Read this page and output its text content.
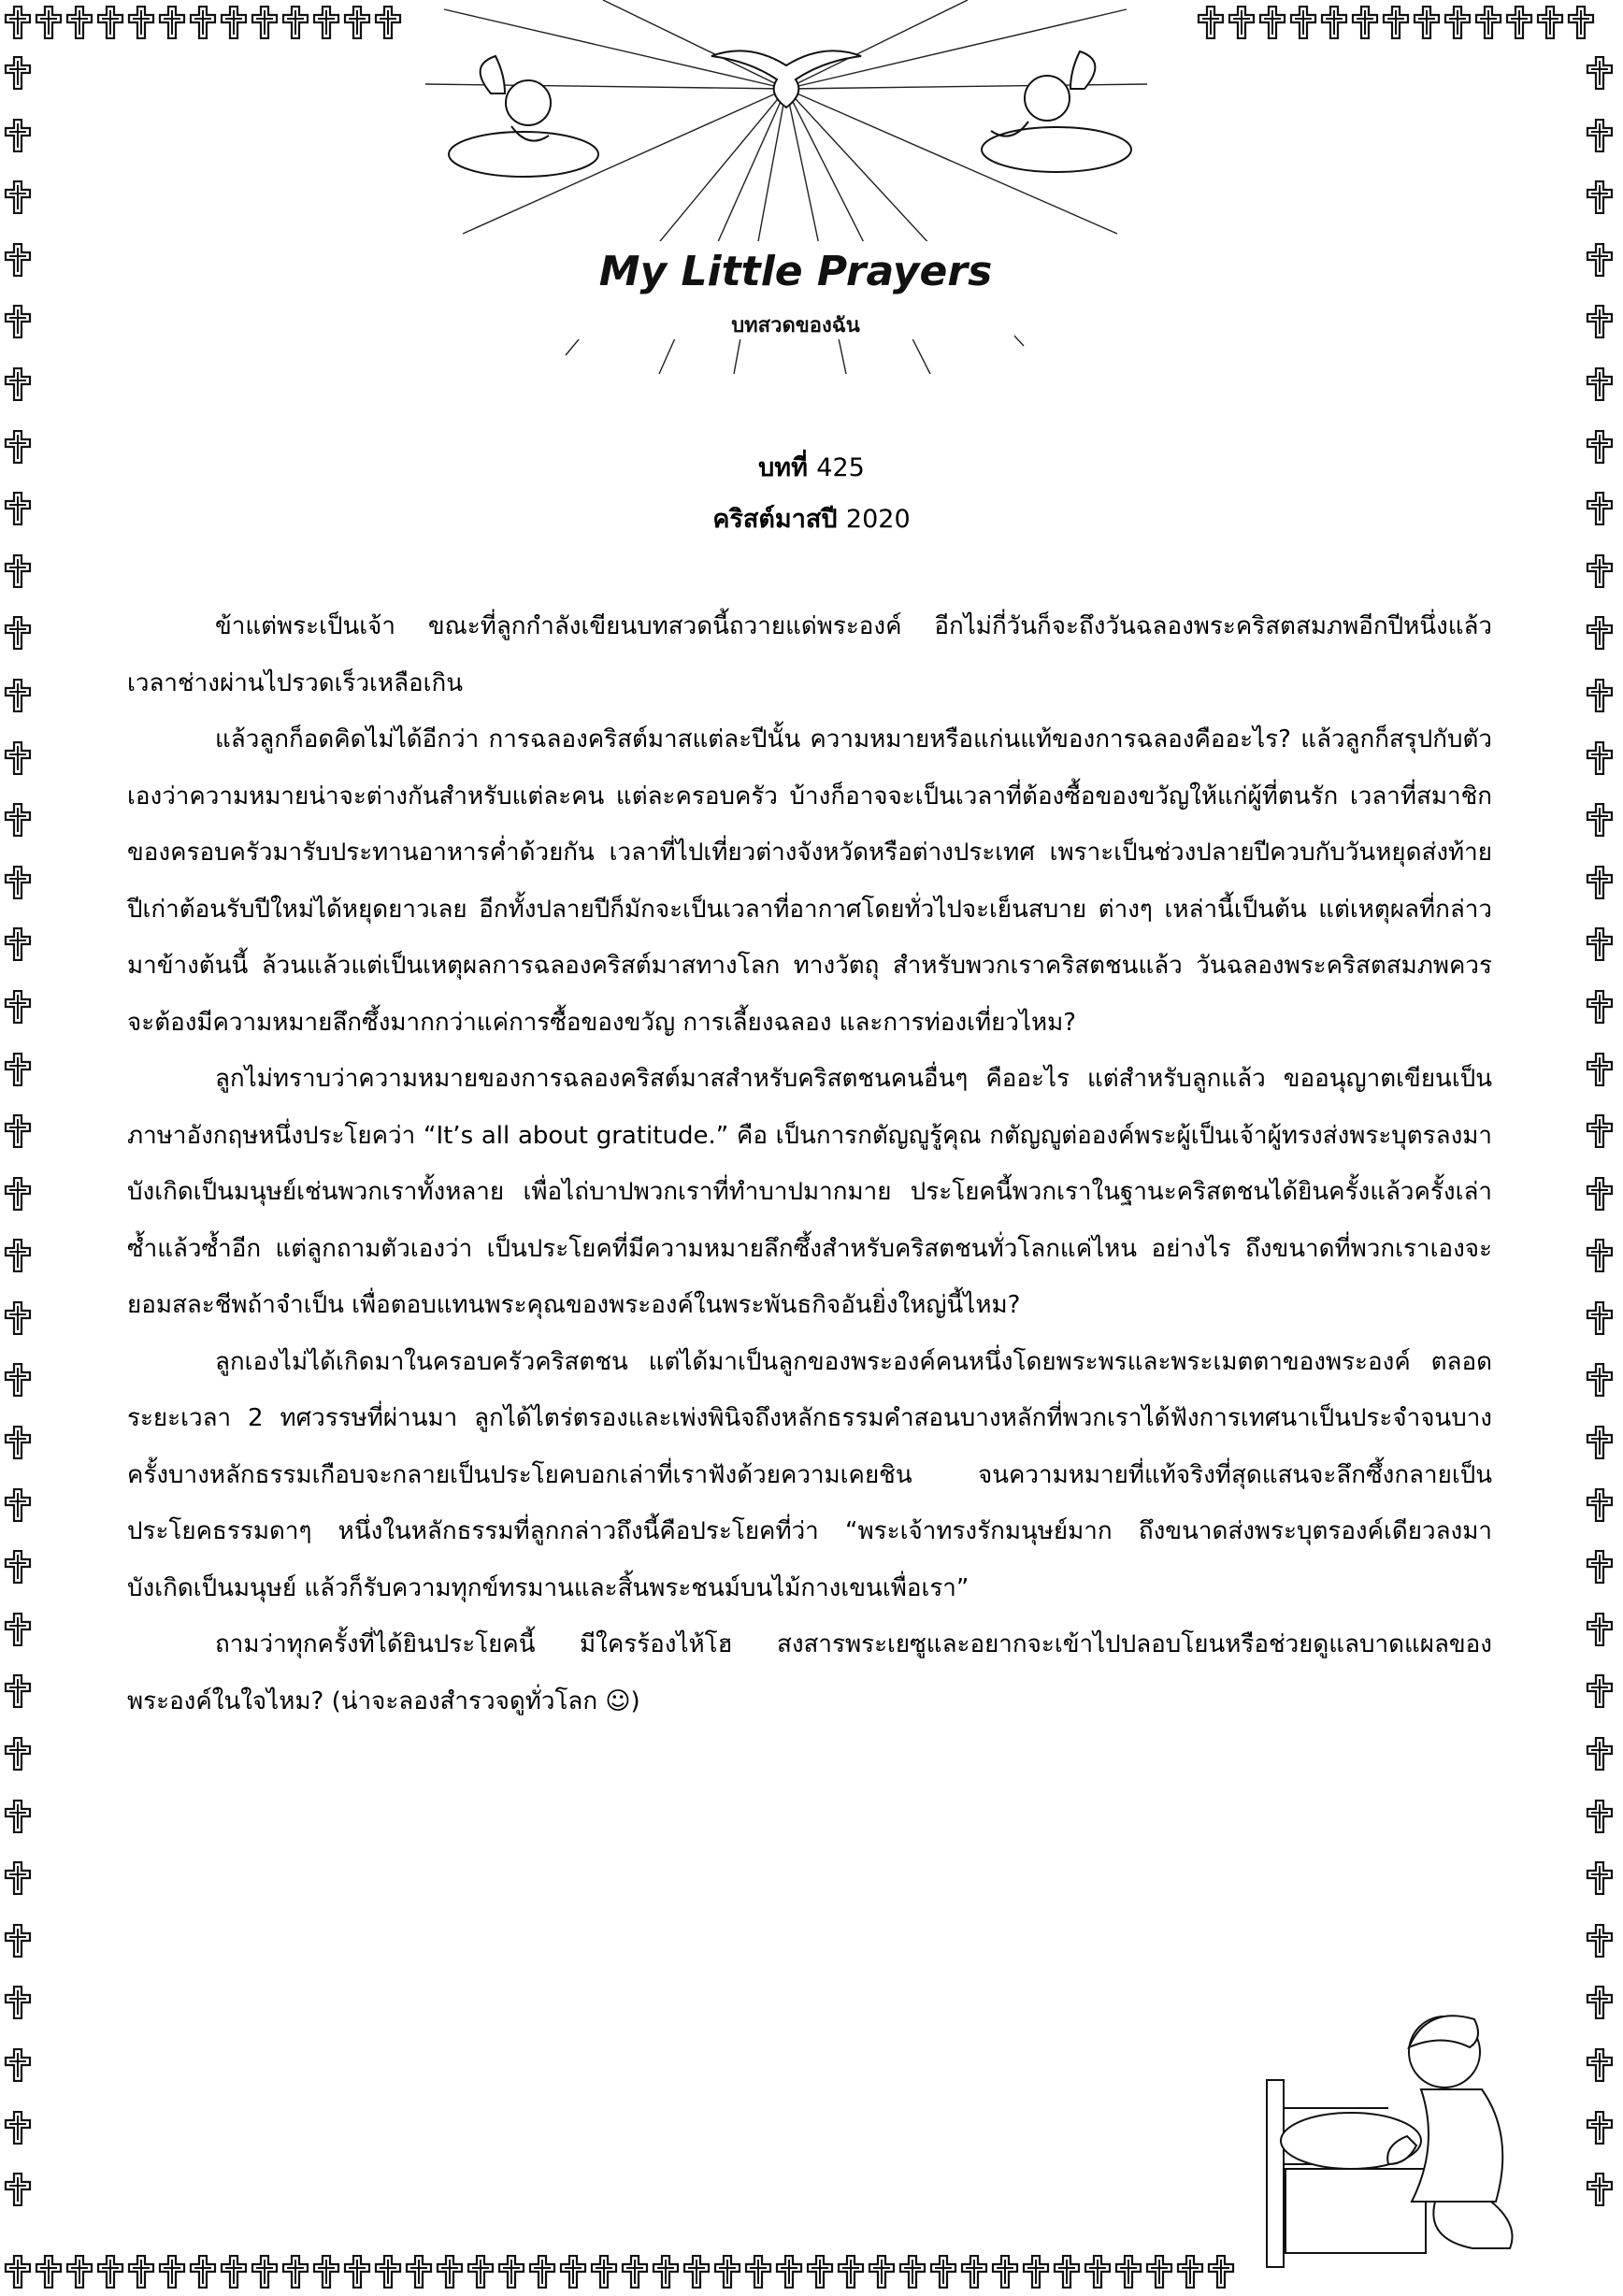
My Little Prayers
บทสวดของฉัน
บทที่ 425
คริสต์มาสปี 2020

ข้าแต่พระเป็นเจ้า ขณะที่ลูกกำลังเขียนบทสวดนี้ถวายแด่พระองค์ อีกไม่กี่วันก็จะถึงวันฉลองพระคริสตสมภพอีกปีหนึ่งแล้ว เวลาช่างผ่านไปรวดเร็วเหลือเกิน

แล้วลูกก็อดคิดไม่ได้อีกว่า การฉลองคริสต์มาสแต่ละปีนั้น ความหมายหรือแก่นแท้ของการฉลองคืออะไร? แล้วลูกก็สรุปกับตัวเองว่าความหมายน่าจะต่างกันสำหรับแต่ละคน แต่ละครอบครัว บ้างก็อาจจะเป็นเวลาที่ต้องซื้อของขวัญให้แก่ผู้ที่ตนรัก เวลาที่สมาชิกของครอบครัวมารับประทานอาหารค่ำด้วยกัน เวลาที่ไปเที่ยวต่างจังหวัดหรือต่างประเทศ เพราะเป็นช่วงปลายปีควบกับวันหยุดส่งท้ายปีเก่าต้อนรับปีใหม่ได้หยุดยาวเลย อีกทั้งปลายปีก็มักจะเป็นเวลาที่อากาศโดยทั่วไปจะเย็นสบาย ต่างๆ เหล่านี้เป็นต้น แต่เหตุผลที่กล่าวมาข้างต้นนี้ ล้วนแล้วแต่เป็นเหตุผลการฉลองคริสต์มาสทางโลก ทางวัตถุ สำหรับพวกเราคริสตชนแล้ว วันฉลองพระคริสตสมภพควรจะต้องมีความหมายลึกซึ้งมากกว่าแค่การซื้อของขวัญ การเลี้ยงฉลอง และการท่องเที่ยวไหม?

ลูกไม่ทราบว่าความหมายของการฉลองคริสต์มาสสำหรับคริสตชนคนอื่นๆ คืออะไร แต่สำหรับลูกแล้ว ขออนุญาตเขียนเป็นภาษาอังกฤษหนึ่งประโยคว่า “It’s all about gratitude.” คือ เป็นการกตัญญูรู้คุณ กตัญญูต่อองค์พระผู้เป็นเจ้าผู้ทรงส่งพระบุตรลงมาบังเกิดเป็นมนุษย์เช่นพวกเราทั้งหลาย เพื่อไถ่บาปพวกเราที่ทำบาปมากมาย ประโยคนี้พวกเราในฐานะคริสตชนได้ยินครั้งแล้วครั้งเล่า ซ้ำแล้วซ้ำอีก แต่ลูกถามตัวเองว่า เป็นประโยคที่มีความหมายลึกซึ้งสำหรับคริสตชนทั่วโลกแค่ไหน อย่างไร ถึงขนาดที่พวกเราเองจะยอมสละชีพถ้าจำเป็น เพื่อตอบแทนพระคุณของพระองค์ในพระพันธกิจอันยิ่งใหญ่นี้ไหม?

ลูกเองไม่ได้เกิดมาในครอบครัวคริสตชน แต่ได้มาเป็นลูกของพระองค์คนหนึ่งโดยพระพรและพระเมตตาของพระองค์ ตลอดระยะเวลา 2 ทศวรรษที่ผ่านมา ลูกได้ไตร่ตรองและเพ่งพินิจถึงหลักธรรมคำสอนบางหลักที่พวกเราได้ฟังการเทศนาเป็นประจำจนบางครั้งบางหลักธรรมเกือบจะกลายเป็นประโยคบอกเล่าที่เราฟังด้วยความเคยชิน จนความหมายที่แท้จริงที่สุดแสนจะลึกซึ้งกลายเป็นประโยคธรรมดาๆ หนึ่งในหลักธรรมที่ลูกกล่าวถึงนี้คือประโยคที่ว่า “พระเจ้าทรงรักมนุษย์มาก ถึงขนาดส่งพระบุตรองค์เดียวลงมาบังเกิดเป็นมนุษย์ แล้วก็รับความทุกข์ทรมานและสิ้นพระชนม์บนไม้กางเขนเพื่อเรา”

ถามว่าทุกครั้งที่ได้ยินประโยคนี้ มีใครร้องไห้โฮ สงสารพระเยซูและอยากจะเข้าไปปลอบโยนหรือช่วยดูแลบาดแผลของพระองค์ในใจไหม? (น่าจะลองสำรวจดูทั่วโลก ☺)
